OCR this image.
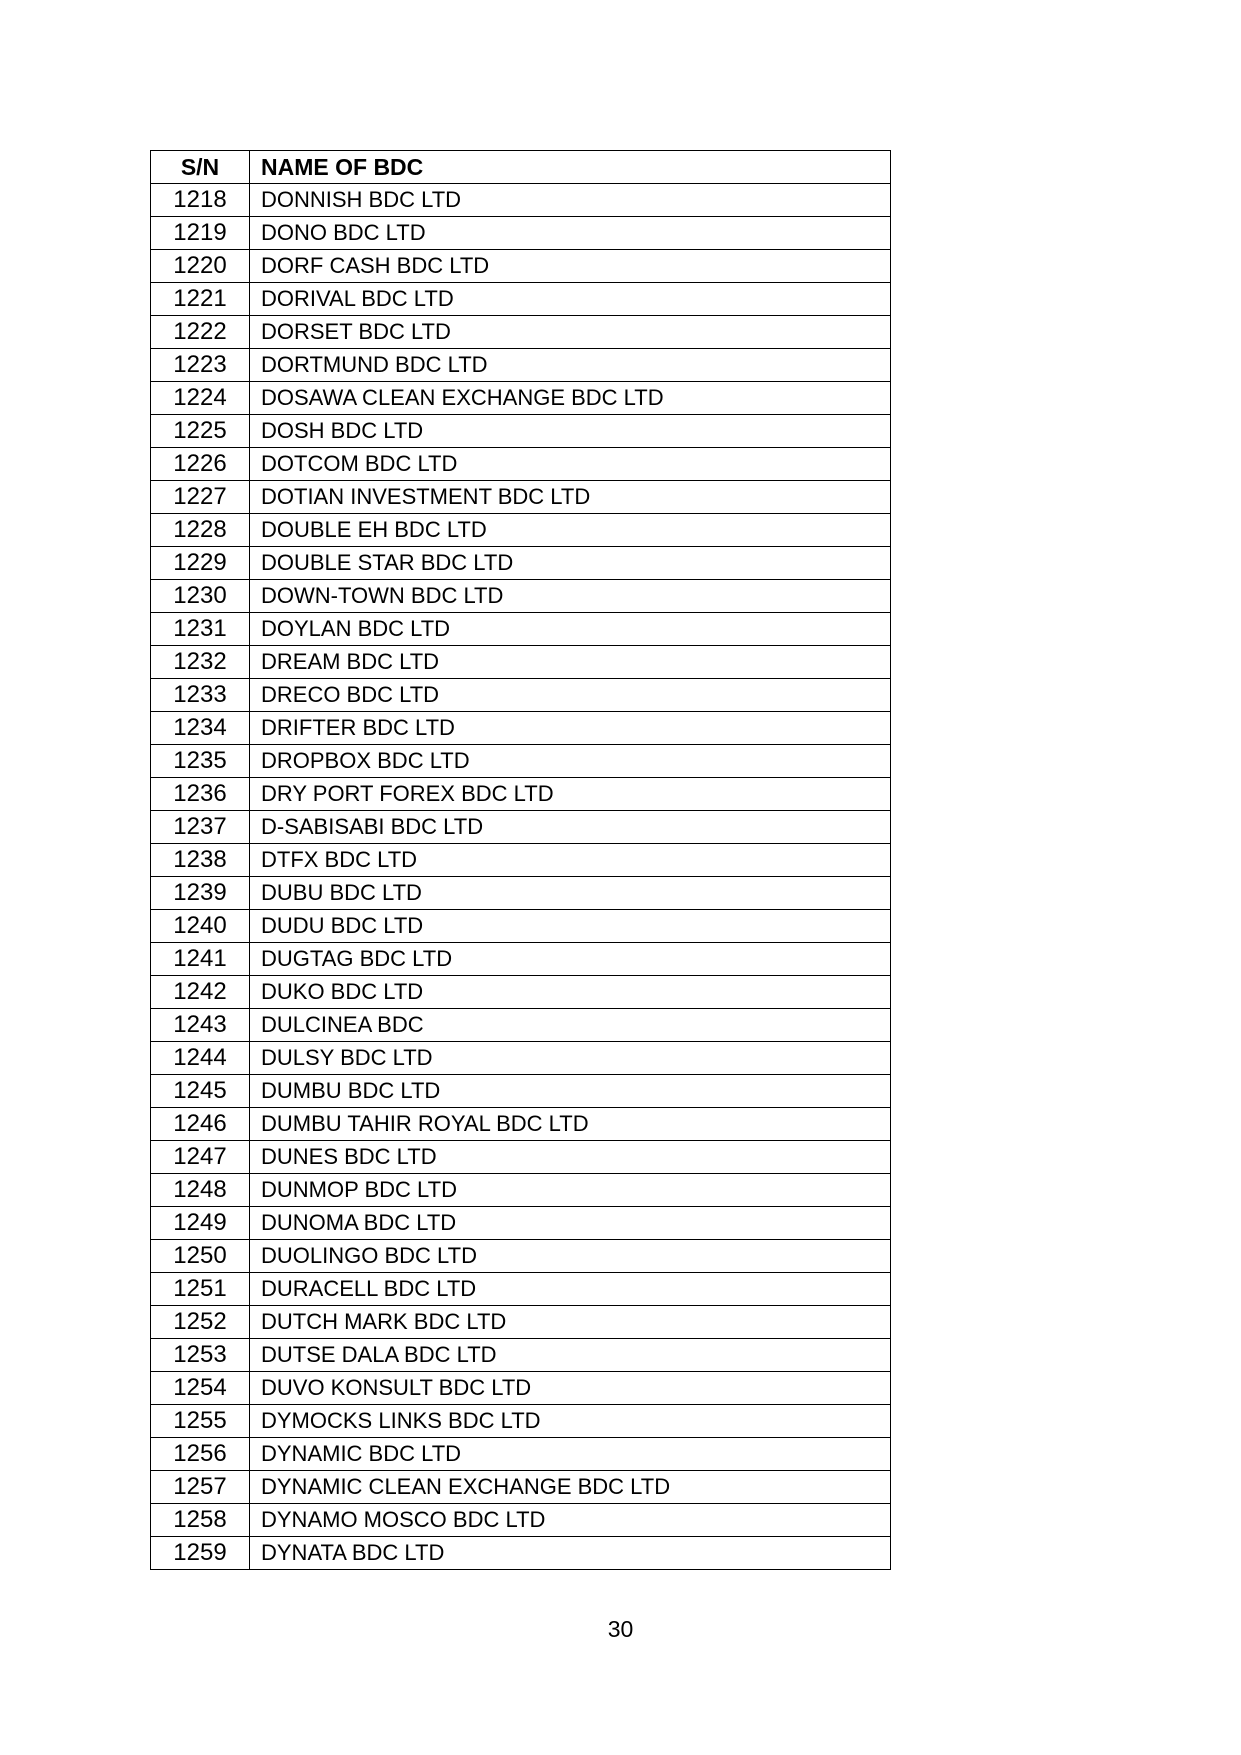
S/N	NAME OF BDC
1218	DONNISH BDC LTD
1219	DONO BDC LTD
1220	DORF CASH BDC LTD
1221	DORIVAL BDC LTD
1222	DORSET BDC LTD
1223	DORTMUND BDC LTD
1224	DOSAWA CLEAN EXCHANGE BDC LTD
1225	DOSH BDC LTD
1226	DOTCOM BDC LTD
1227	DOTIAN INVESTMENT BDC LTD
1228	DOUBLE EH BDC LTD
1229	DOUBLE STAR BDC LTD
1230	DOWN-TOWN BDC LTD
1231	DOYLAN BDC LTD
1232	DREAM BDC LTD
1233	DRECO BDC LTD
1234	DRIFTER BDC LTD
1235	DROPBOX BDC LTD
1236	DRY PORT FOREX BDC LTD
1237	D-SABISABI BDC LTD
1238	DTFX BDC LTD
1239	DUBU BDC LTD
1240	DUDU BDC LTD
1241	DUGTAG BDC LTD
1242	DUKO BDC LTD
1243	DULCINEA BDC
1244	DULSY BDC LTD
1245	DUMBU BDC LTD
1246	DUMBU TAHIR ROYAL BDC LTD
1247	DUNES BDC LTD
1248	DUNMOP BDC LTD
1249	DUNOMA BDC LTD
1250	DUOLINGO BDC LTD
1251	DURACELL BDC LTD
1252	DUTCH MARK BDC LTD
1253	DUTSE DALA BDC LTD
1254	DUVO KONSULT BDC LTD
1255	DYMOCKS LINKS BDC LTD
1256	DYNAMIC BDC LTD
1257	DYNAMIC CLEAN EXCHANGE BDC LTD
1258	DYNAMO MOSCO BDC LTD
1259	DYNATA BDC LTD
30
